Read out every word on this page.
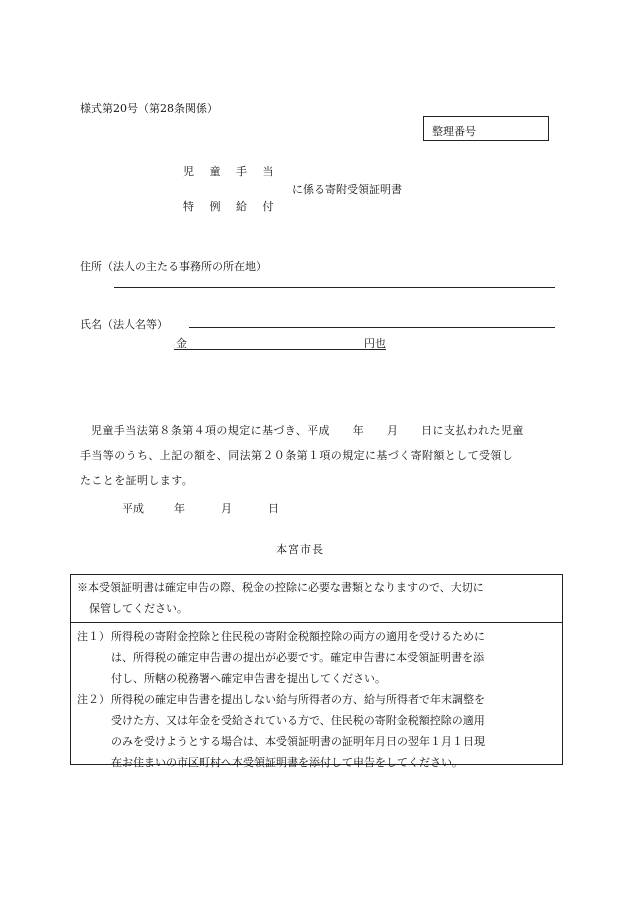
様式第20号（第28条関係）
整理番号
児 童 手 当
特 例 給 付
に係る寄附受領証明書
住所（法人の主たる事務所の所在地）
氏名（法人名等）
金	円也
児童手当法第８条第４項の規定に基づき、平成　　年　　月　　日に支払われた児童
手当等のうち、上記の額を、同法第２０条第１項の規定に基づく寄附額として受領し
たことを証明します。
平成	年	月	日
本宮市長
※本受領証明書は確定申告の際、税金の控除に必要な書類となりますので、大切に
保管してください。
注１） 所得税の寄附金控除と住民税の寄附金税額控除の両方の適用を受けるために
は、所得税の確定申告書の提出が必要です。確定申告書に本受領証明書を添
付し、所轄の税務署へ確定申告書を提出してください。
注２） 所得税の確定申告書を提出しない給与所得者の方、給与所得者で年末調整を
受けた方、又は年金を受給されている方で、住民税の寄附金税額控除の適用
のみを受けようとする場合は、本受領証明書の証明年月日の翌年１月１日現
在お住まいの市区町村へ本受領証明書を添付して申告をしてください。
